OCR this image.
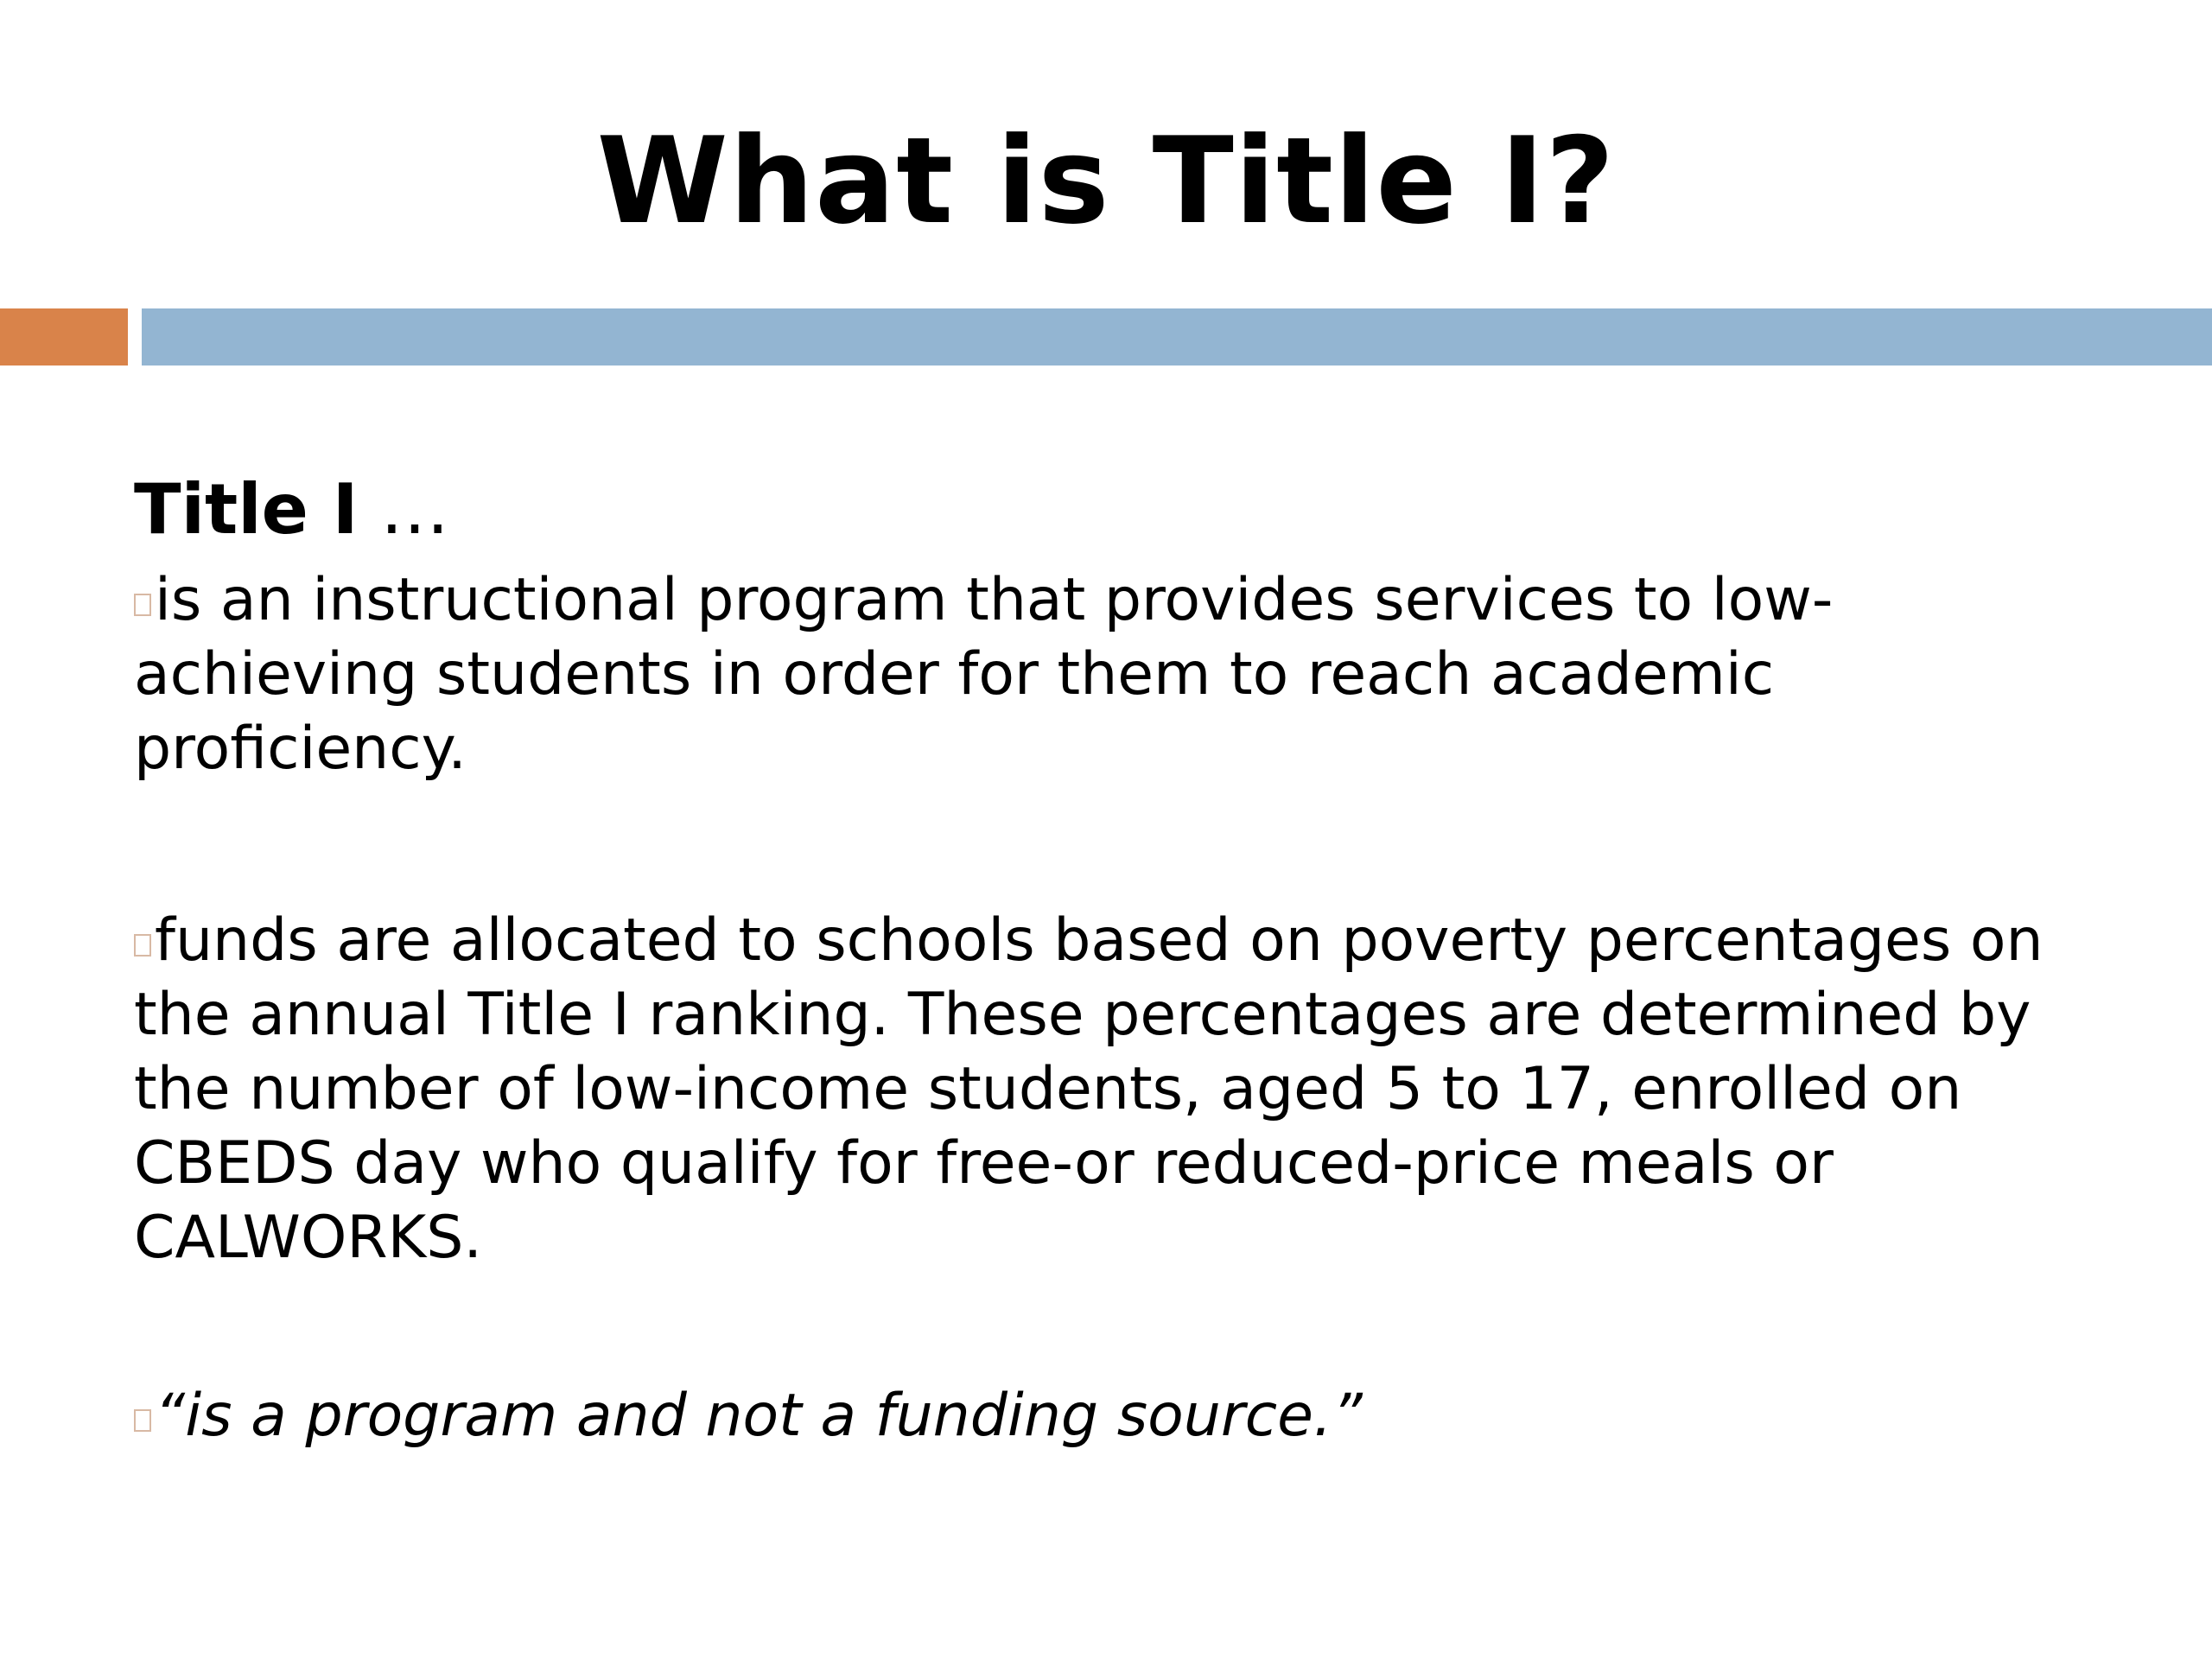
What is Title I?
Title I …

is an instructional program that provides services to low-achieving students in order for them to reach academic proficiency.

funds are allocated to schools based on poverty percentages on the annual Title I ranking. These percentages are determined by the number of low-income students, aged 5 to 17, enrolled on CBEDS day who qualify for free-or reduced-price meals or CALWORKS.

“is a program and not a funding source.”
